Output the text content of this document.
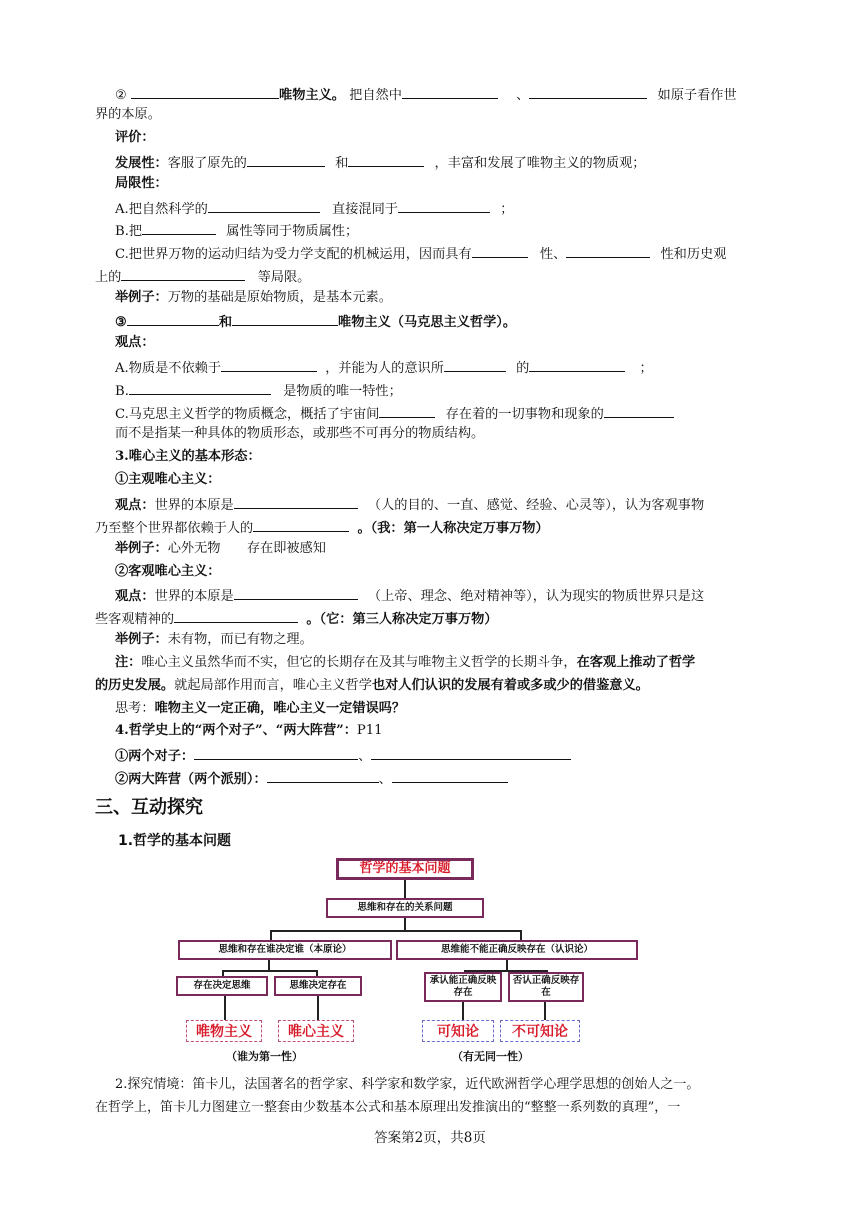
②	唯物主义。 把自然中	、	如原子看作世
界的本原。
评价：
发展性：客服了原先的	和	，丰富和发展了唯物主义的物质观；
局限性：
A.把自然科学的	直接混同于	；
B.把	属性等同于物质属性；
C.把世界万物的运动归结为受力学支配的机械运用，因而具有	性、	性和历史观
上的	等局限。
举例子：万物的基础是原始物质，是基本元素。
③	和	唯物主义（马克思主义哲学）。
观点：
A.物质是不依赖于	，并能为人的意识所	的	；
B.	是物质的唯一特性；
C.马克思主义哲学的物质概念，概括了宇宙间	存在着的一切事物和现象的
而不是指某一种具体的物质形态，或那些不可再分的物质结构。
3.唯心主义的基本形态：
①主观唯心主义：
观点：世界的本原是	（人的目的、一直、感觉、经验、心灵等），认为客观事物
乃至整个世界都依赖于人的	。（我：第一人称决定万事万物）
举例子：心外无物　　存在即被感知
②客观唯心主义：
观点：世界的本原是	（上帝、理念、绝对精神等），认为现实的物质世界只是这
些客观精神的	。（它：第三人称决定万事万物）
举例子：未有物，而已有物之理。
注：唯心主义虽然华而不实，但它的长期存在及其与唯物主义哲学的长期斗争，在客观上推动了哲学
的历史发展。就起局部作用而言，唯心主义哲学也对人们认识的发展有着或多或少的借鉴意义。
思考：唯物主义一定正确，唯心主义一定错误吗？
4.哲学史上的“两个对子”、“两大阵营”：P11
①两个对子：	、
②两大阵营（两个派别）：	、
三、互动探究
1.哲学的基本问题
哲学的基本问题
思维和存在的关系问题
思维和存在谁决定谁（本原论）	思维能不能正确反映存在（认识论）
存在决定思维	思维决定存在	承认能正确反映存在
否认正确反映存在
唯物主义	唯心主义	可知论	不可知论
（谁为第一性）	（有无同一性）
2.探究情境：笛卡儿，法国著名的哲学家、科学家和数学家，近代欧洲哲学心理学思想的创始人之一。
在哲学上，笛卡儿力图建立一整套由少数基本公式和基本原理出发推演出的“整整一系列数的真理”，一
答案第2页，共8页
